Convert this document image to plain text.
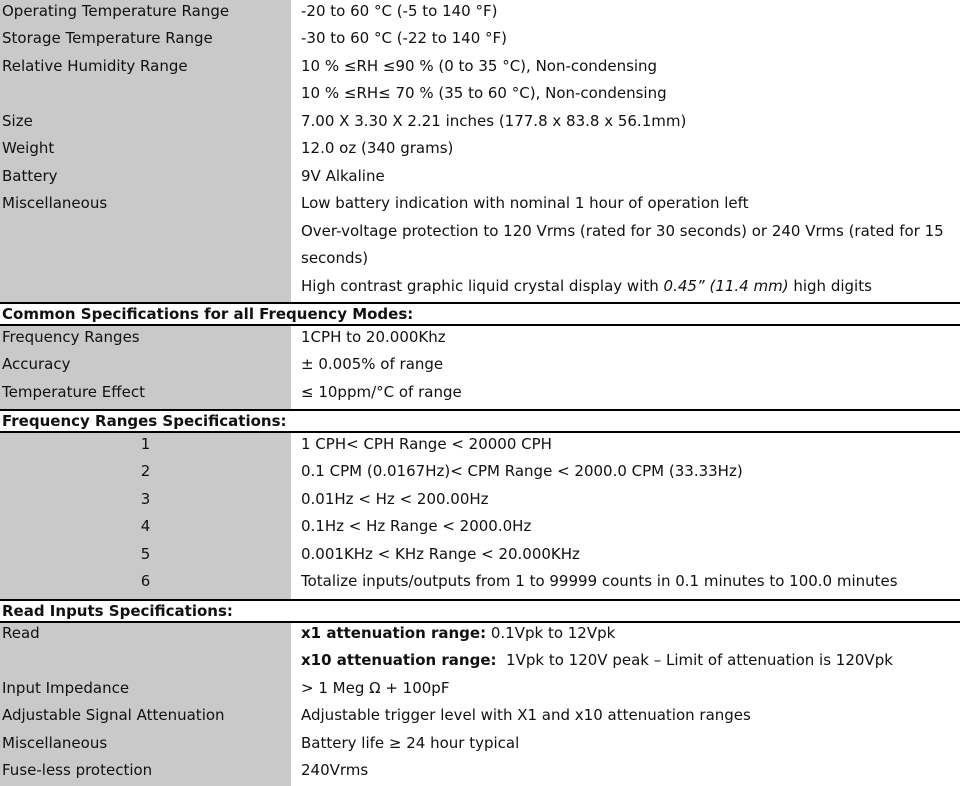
Operating Temperature Range	-20 to 60 °C (-5 to 140 °F)
Storage Temperature Range	-30 to 60 °C (-22 to 140 °F)
Relative Humidity Range	10 % ≤RH ≤90 % (0 to 35 °C), Non-condensing
10 % ≤RH≤ 70 % (35 to 60 °C), Non-condensing
Size	7.00 X 3.30 X 2.21 inches (177.8 x 83.8 x 56.1mm)
Weight	12.0 oz (340 grams)
Battery	9V Alkaline
Miscellaneous	Low battery indication with nominal 1 hour of operation left
Over-voltage protection to 120 Vrms (rated for 30 seconds) or 240 Vrms (rated for 15
seconds)
High contrast graphic liquid crystal display with 0.45” (11.4 mm) high digits
Common Specifications for all Frequency Modes:
Frequency Ranges	1CPH to 20.000Khz
Accuracy	± 0.005% of range
Temperature Effect	≤ 10ppm/°C of range
Frequency Ranges Specifications:
1	1 CPH< CPH Range < 20000 CPH
2	0.1 CPM (0.0167Hz)< CPM Range < 2000.0 CPM (33.33Hz)
3	0.01Hz < Hz < 200.00Hz
4	0.1Hz < Hz Range < 2000.0Hz
5	0.001KHz < KHz Range < 20.000KHz
6	Totalize inputs/outputs from 1 to 99999 counts in 0.1 minutes to 100.0 minutes
Read Inputs Specifications:
Read	x1 attenuation range: 0.1Vpk to 12Vpk
x10 attenuation range:  1Vpk to 120V peak – Limit of attenuation is 120Vpk
Input Impedance	> 1 Meg Ω + 100pF
Adjustable Signal Attenuation	Adjustable trigger level with X1 and x10 attenuation ranges
Miscellaneous	Battery life ≥ 24 hour typical
Fuse-less protection	240Vrms
